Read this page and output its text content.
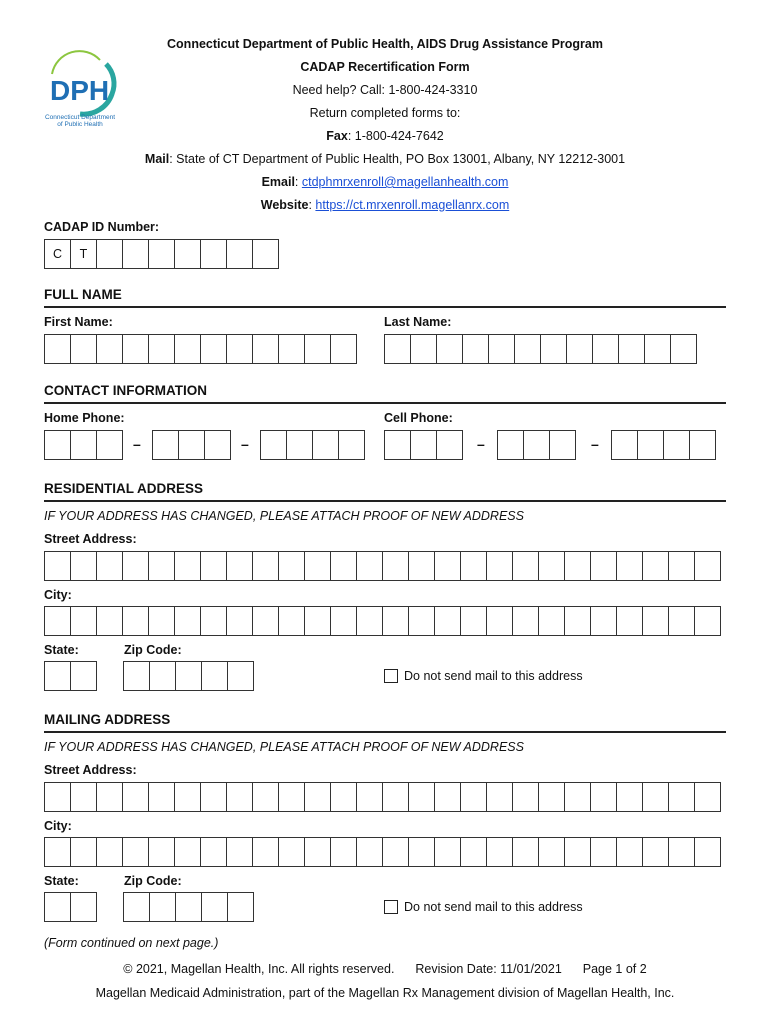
DPH
Connecticut Department
of Public Health
Connecticut Department of Public Health, AIDS Drug Assistance Program
CADAP Recertification Form
Need help? Call: 1-800-424-3310
Return completed forms to:
Fax: 1-800-424-7642
Mail: State of CT Department of Public Health, PO Box 13001, Albany, NY 12212-3001
Email: ctdphmrxenroll@magellanhealth.com
Website: https://ct.mrxenroll.magellanrx.com
CADAP ID Number:
C	T
FULL NAME
First Name:	Last Name:
CONTACT INFORMATION
Home Phone:	Cell Phone:
–	–	–	–
RESIDENTIAL ADDRESS
IF YOUR ADDRESS HAS CHANGED, PLEASE ATTACH PROOF OF NEW ADDRESS
Street Address:
City:
State:	Zip Code:
Do not send mail to this address
MAILING ADDRESS
IF YOUR ADDRESS HAS CHANGED, PLEASE ATTACH PROOF OF NEW ADDRESS
Street Address:
City:
State:	Zip Code:
Do not send mail to this address
(Form continued on next page.)
© 2021, Magellan Health, Inc. All rights reserved. Revision Date: 11/01/2021 Page 1 of 2
Magellan Medicaid Administration, part of the Magellan Rx Management division of Magellan Health, Inc.
